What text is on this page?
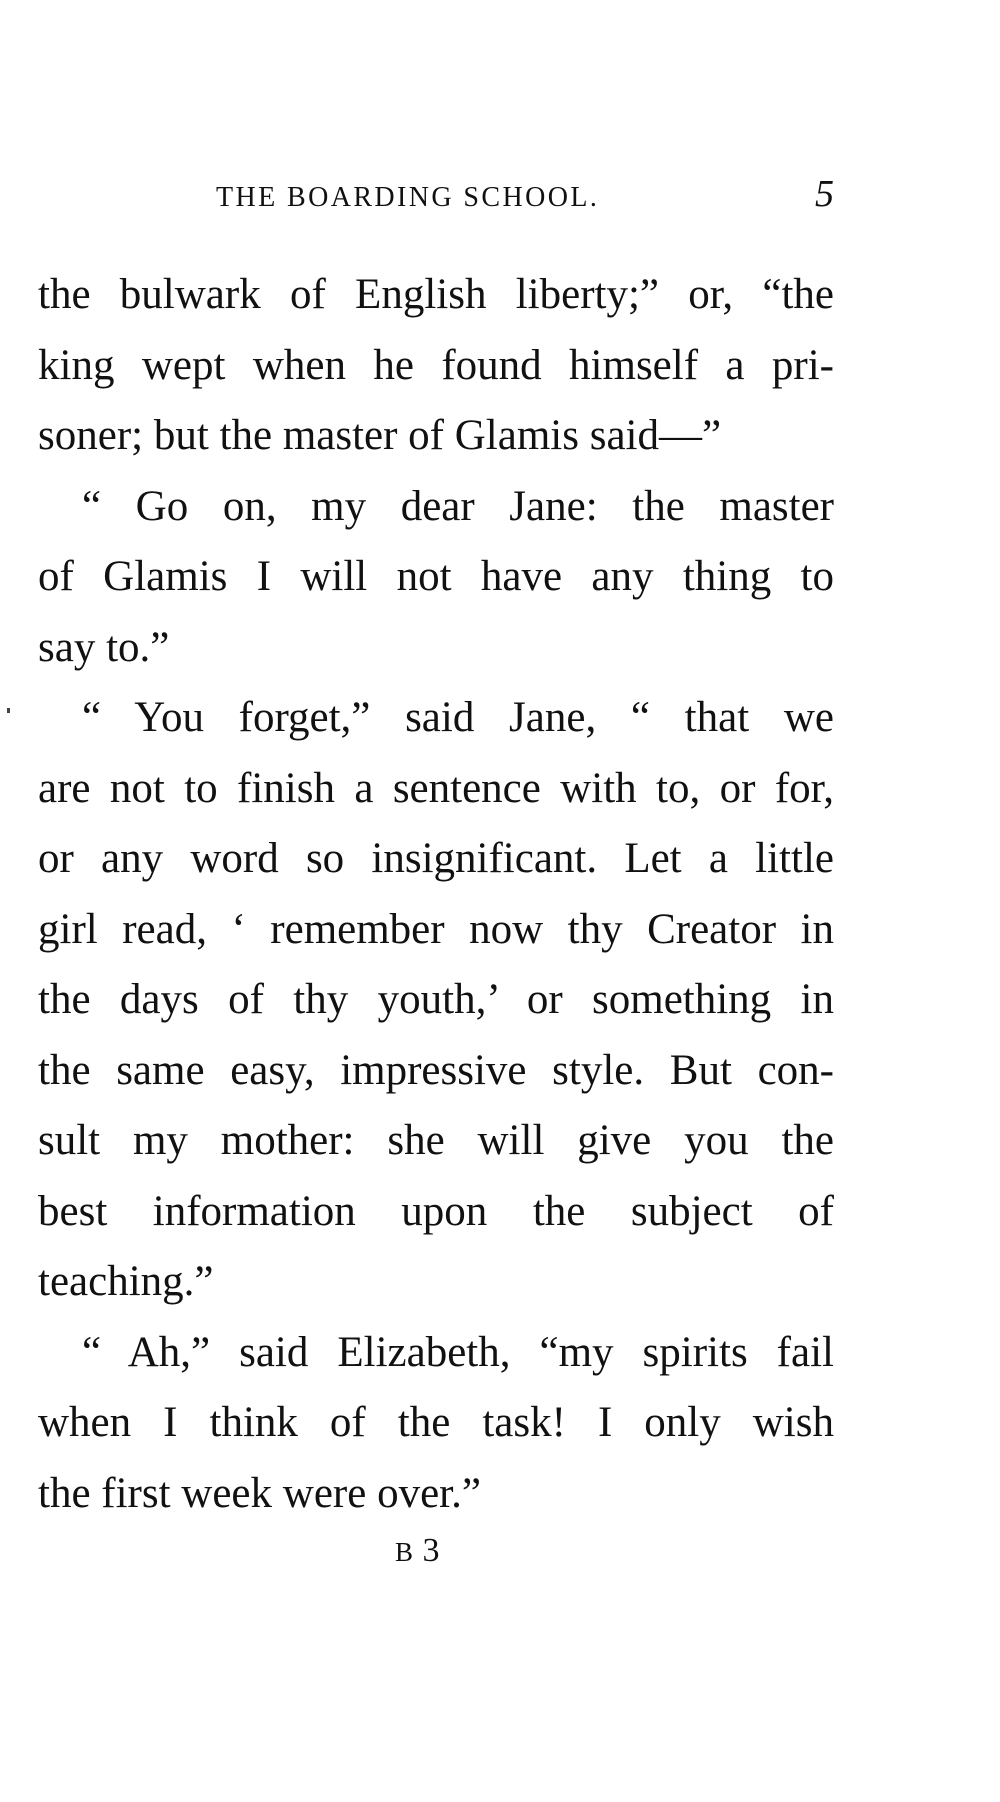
THE BOARDING SCHOOL.	5
the bulwark of English liberty;” or, “the
king wept when he found himself a pri-
soner; but the master of Glamis said—”
“ Go on, my dear Jane: the master
of Glamis I will not have any thing to
say to.”
“ You forget,” said Jane, “ that we
are not to finish a sentence with to, or for,
or any word so insignificant. Let a little
girl read, ‘ remember now thy Creator in
the days of thy youth,’ or something in
the same easy, impressive style. But con-
sult my mother: she will give you the
best information upon the subject of
teaching.”
“ Ah,” said Elizabeth, “my spirits fail
when I think of the task! I only wish
the first week were over.”
B 3
